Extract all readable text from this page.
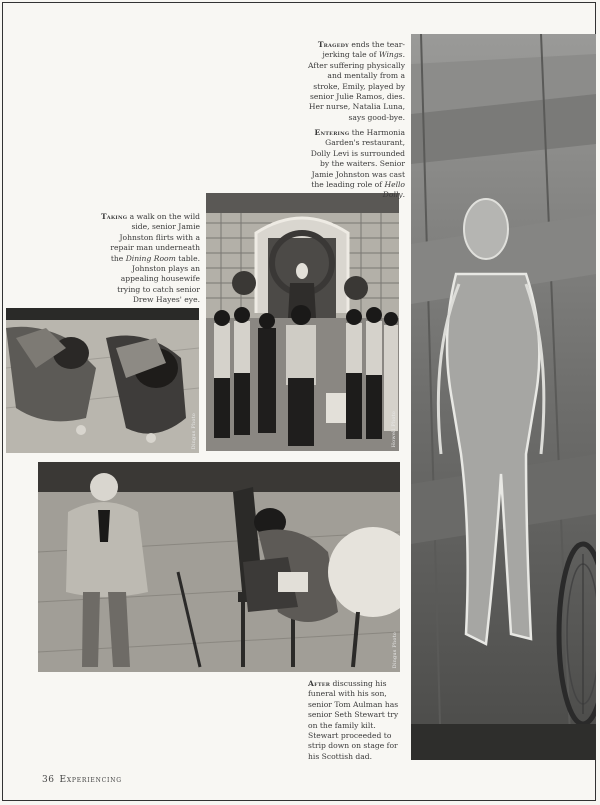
Dingus Photo	Howell Photo
Dingus Photo
Tragedy ends the tear-jerking tale of Wings. After suffering physically and mentally from a stroke, Emily, played by senior Julie Ramos, dies. Her nurse, Natalia Luna, says good-bye.
Entering the Harmonia Garden's restaurant, Dolly Levi is surrounded by the waiters. Senior Jamie Johnston was cast the leading role of Hello Dolly.
Taking a walk on the wild side, senior Jamie Johnston flirts with a repair man underneath the Dining Room table. Johnston plays an appealing housewife trying to catch senior Drew Hayes' eye.
After discussing his funeral with his son, senior Tom Aulman has senior Seth Stewart try on the family kilt. Stewart proceeded to strip down on stage for his Scottish dad.
36 Experiencing
